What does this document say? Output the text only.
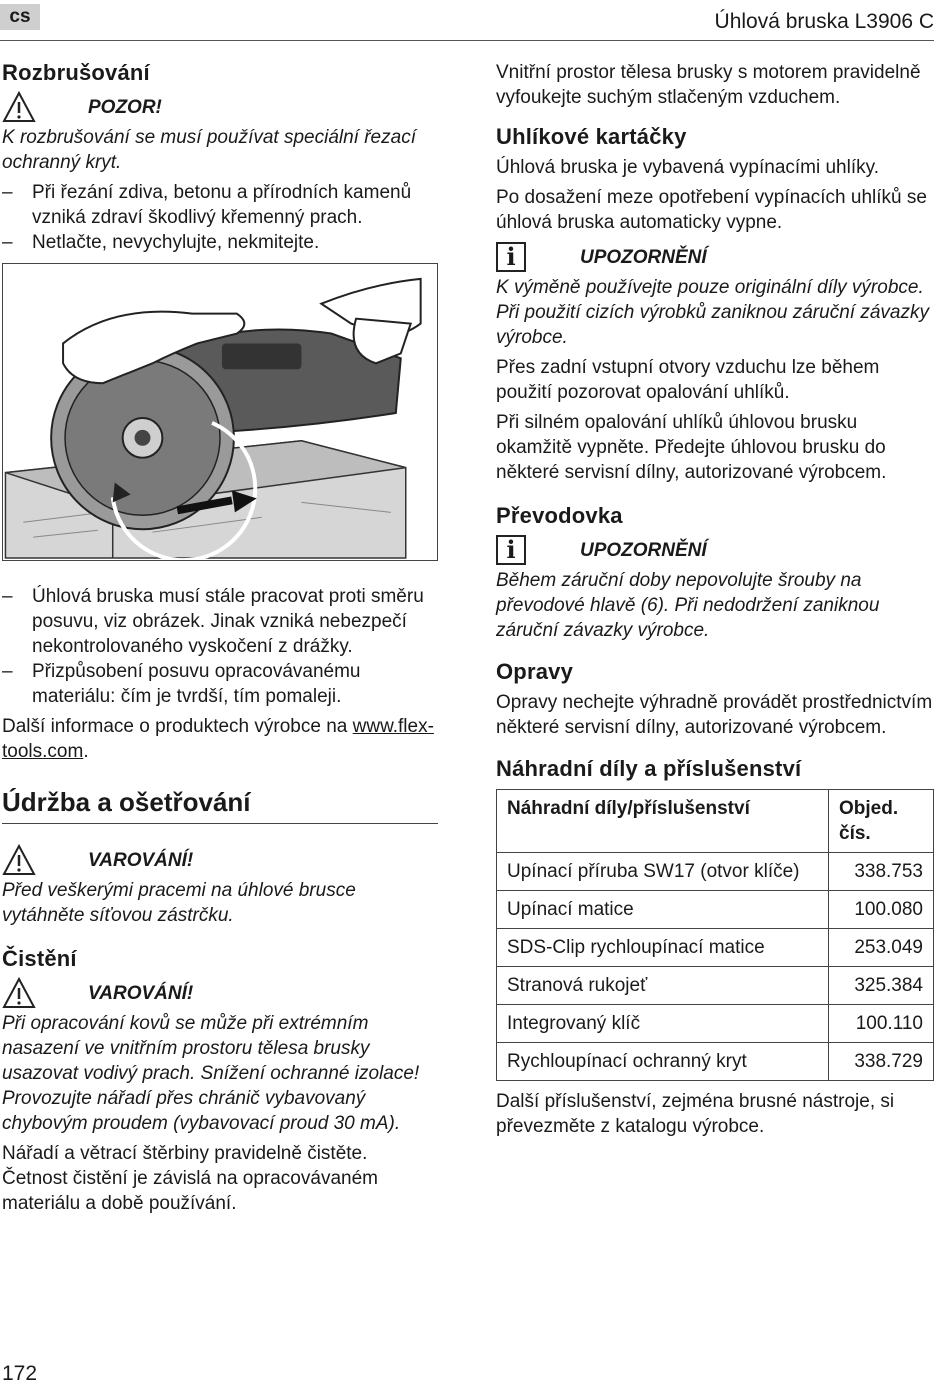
cs	Úhlová bruska L3906 C
Rozbrušování
POZOR!

K rozbrušování se musí používat speciální řezací ochranný kryt.

–	Při řezání zdiva, betonu a přírodních kamenů vzniká zdraví škodlivý křemenný prach.
–	Netlačte, nevychylujte, nekmitejte.
–	Úhlová bruska musí stále pracovat proti směru posuvu, viz obrázek. Jinak vzniká nebezpečí nekontrolovaného vyskočení z drážky.
–	Přizpůsobení posuvu opracovávanému materiálu: čím je tvrdší, tím pomaleji.

Další informace o produktech výrobce na www.flex-tools.com.

Údržba a ošetřování
VAROVÁNÍ!

Před veškerými pracemi na úhlové brusce vytáhněte síťovou zástrčku.

Čistění
VAROVÁNÍ!

Při opracování kovů se může při extrémním nasazení ve vnitřním prostoru tělesa brusky usazovat vodivý prach. Snížení ochranné izolace! Provozujte nářadí přes chránič vybavovaný chybovým proudem (vybavovací proud 30 mA).

Nářadí a větrací štěrbiny pravidelně čistěte. Četnost čistění je závislá na opracovávaném materiálu a době používání.

Vnitřní prostor tělesa brusky s motorem pravidelně vyfoukejte suchým stlačeným vzduchem.

Uhlíkové kartáčky

Úhlová bruska je vybavená vypínacími uhlíky.

Po dosažení meze opotřebení vypínacích uhlíků se úhlová bruska automaticky vypne.

i	UPOZORNĚNÍ

K výměně používejte pouze originální díly výrobce. Při použití cizích výrobků zaniknou záruční závazky výrobce.

Přes zadní vstupní otvory vzduchu lze během použití pozorovat opalování uhlíků.

Při silném opalování uhlíků úhlovou brusku okamžitě vypněte. Předejte úhlovou brusku do některé servisní dílny, autorizované výrobcem.

Převodovka
i	UPOZORNĚNÍ

Během záruční doby nepovolujte šrouby na převodové hlavě (6). Při nedodržení zaniknou záruční závazky výrobce.

Opravy

Opravy nechejte výhradně provádět prostřednictvím některé servisní dílny, autorizované výrobcem.

Náhradní díly a příslušenství
Náhradní díly/příslušenství	Objed. čís.
Upínací příruba SW17 (otvor klíče)	338.753
Upínací matice	100.080
SDS-Clip rychloupínací matice	253.049
Stranová rukojeť	325.384
Integrovaný klíč	100.110
Rychloupínací ochranný kryt	338.729

Další příslušenství, zejména brusné nástroje, si převezměte z katalogu výrobce.

172
